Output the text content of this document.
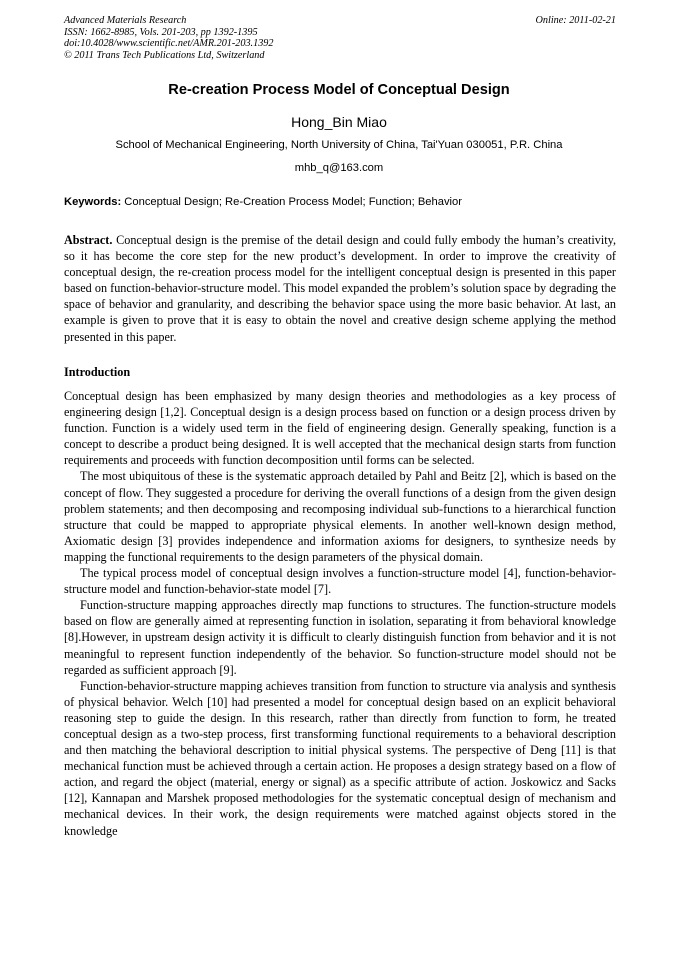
Advanced Materials Research
ISSN: 1662-8985, Vols. 201-203, pp 1392-1395
doi:10.4028/www.scientific.net/AMR.201-203.1392
© 2011 Trans Tech Publications Ltd, Switzerland
Online: 2011-02-21
Re-creation Process Model of Conceptual Design
Hong_Bin Miao
School of Mechanical Engineering, North University of China, Tai'Yuan 030051, P.R. China
mhb_q@163.com
Keywords: Conceptual Design; Re-Creation Process Model; Function; Behavior

Abstract. Conceptual design is the premise of the detail design and could fully embody the human’s creativity, so it has become the core step for the new product’s development. In order to improve the creativity of conceptual design, the re-creation process model for the intelligent conceptual design is presented in this paper based on function-behavior-structure model. This model expanded the problem’s solution space by degrading the space of behavior and granularity, and describing the behavior space using the more basic behavior. At last, an example is given to prove that it is easy to obtain the novel and creative design scheme applying the method presented in this paper.

Introduction

Conceptual design has been emphasized by many design theories and methodologies as a key process of engineering design [1,2]. Conceptual design is a design process based on function or a design process driven by function. Function is a widely used term in the field of engineering design. Generally speaking, function is a concept to describe a product being designed. It is well accepted that the mechanical design starts from function requirements and proceeds with function decomposition until forms can be selected.

The most ubiquitous of these is the systematic approach detailed by Pahl and Beitz [2], which is based on the concept of flow. They suggested a procedure for deriving the overall functions of a design from the given design problem statements; and then decomposing and recomposing individual sub-functions to a hierarchical function structure that could be mapped to appropriate physical elements. In another well-known design method, Axiomatic design [3] provides independence and information axioms for designers, to synthesize needs by mapping the functional requirements to the design parameters of the physical domain.

The typical process model of conceptual design involves a function-structure model [4], function-behavior-structure model and function-behavior-state model [7].

Function-structure mapping approaches directly map functions to structures. The function-structure models based on flow are generally aimed at representing function in isolation, separating it from behavioral knowledge [8].However, in upstream design activity it is difficult to clearly distinguish function from behavior and it is not meaningful to represent function independently of the behavior. So function-structure model should not be regarded as sufficient approach [9].

Function-behavior-structure mapping achieves transition from function to structure via analysis and synthesis of physical behavior. Welch [10] had presented a model for conceptual design based on an explicit behavioral reasoning step to guide the design. In this research, rather than directly from function to form, he treated conceptual design as a two-step process, first transforming functional requirements to a behavioral description and then matching the behavioral description to initial physical systems. The perspective of Deng [11] is that mechanical function must be achieved through a certain action. He proposes a design strategy based on a flow of action, and regard the object (material, energy or signal) as a specific attribute of action. Joskowicz and Sacks [12], Kannapan and Marshek proposed methodologies for the systematic conceptual design of mechanism and mechanical devices. In their work, the design requirements were matched against objects stored in the knowledge
